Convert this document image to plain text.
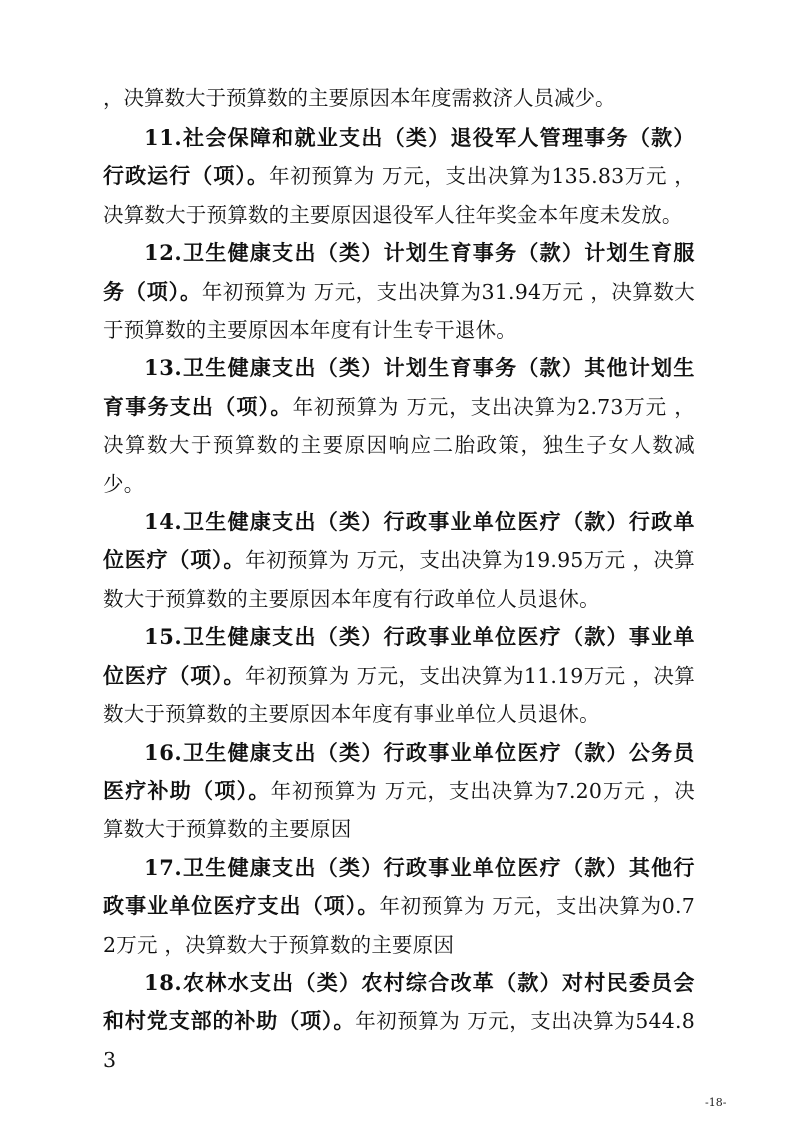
，决算数大于预算数的主要原因本年度需救济人员减少。

11.社会保障和就业支出（类）退役军人管理事务（款）行政运行（项）。年初预算为 万元，支出决算为135.83万元 ，决算数大于预算数的主要原因退役军人往年奖金本年度未发放。

12.卫生健康支出（类）计划生育事务（款）计划生育服务（项）。年初预算为 万元，支出决算为31.94万元 ，决算数大于预算数的主要原因本年度有计生专干退休。

13.卫生健康支出（类）计划生育事务（款）其他计划生育事务支出（项）。年初预算为 万元，支出决算为2.73万元 ，决算数大于预算数的主要原因响应二胎政策，独生子女人数减少。

14.卫生健康支出（类）行政事业单位医疗（款）行政单位医疗（项）。年初预算为 万元，支出决算为19.95万元 ，决算数大于预算数的主要原因本年度有行政单位人员退休。

15.卫生健康支出（类）行政事业单位医疗（款）事业单位医疗（项）。年初预算为 万元，支出决算为11.19万元 ，决算数大于预算数的主要原因本年度有事业单位人员退休。

16.卫生健康支出（类）行政事业单位医疗（款）公务员医疗补助（项）。年初预算为 万元，支出决算为7.20万元 ，决算数大于预算数的主要原因

17.卫生健康支出（类）行政事业单位医疗（款）其他行政事业单位医疗支出（项）。年初预算为 万元，支出决算为0.72万元 ，决算数大于预算数的主要原因

18.农林水支出（类）农村综合改革（款）对村民委员会和村党支部的补助（项）。年初预算为 万元，支出决算为544.83

-18-
